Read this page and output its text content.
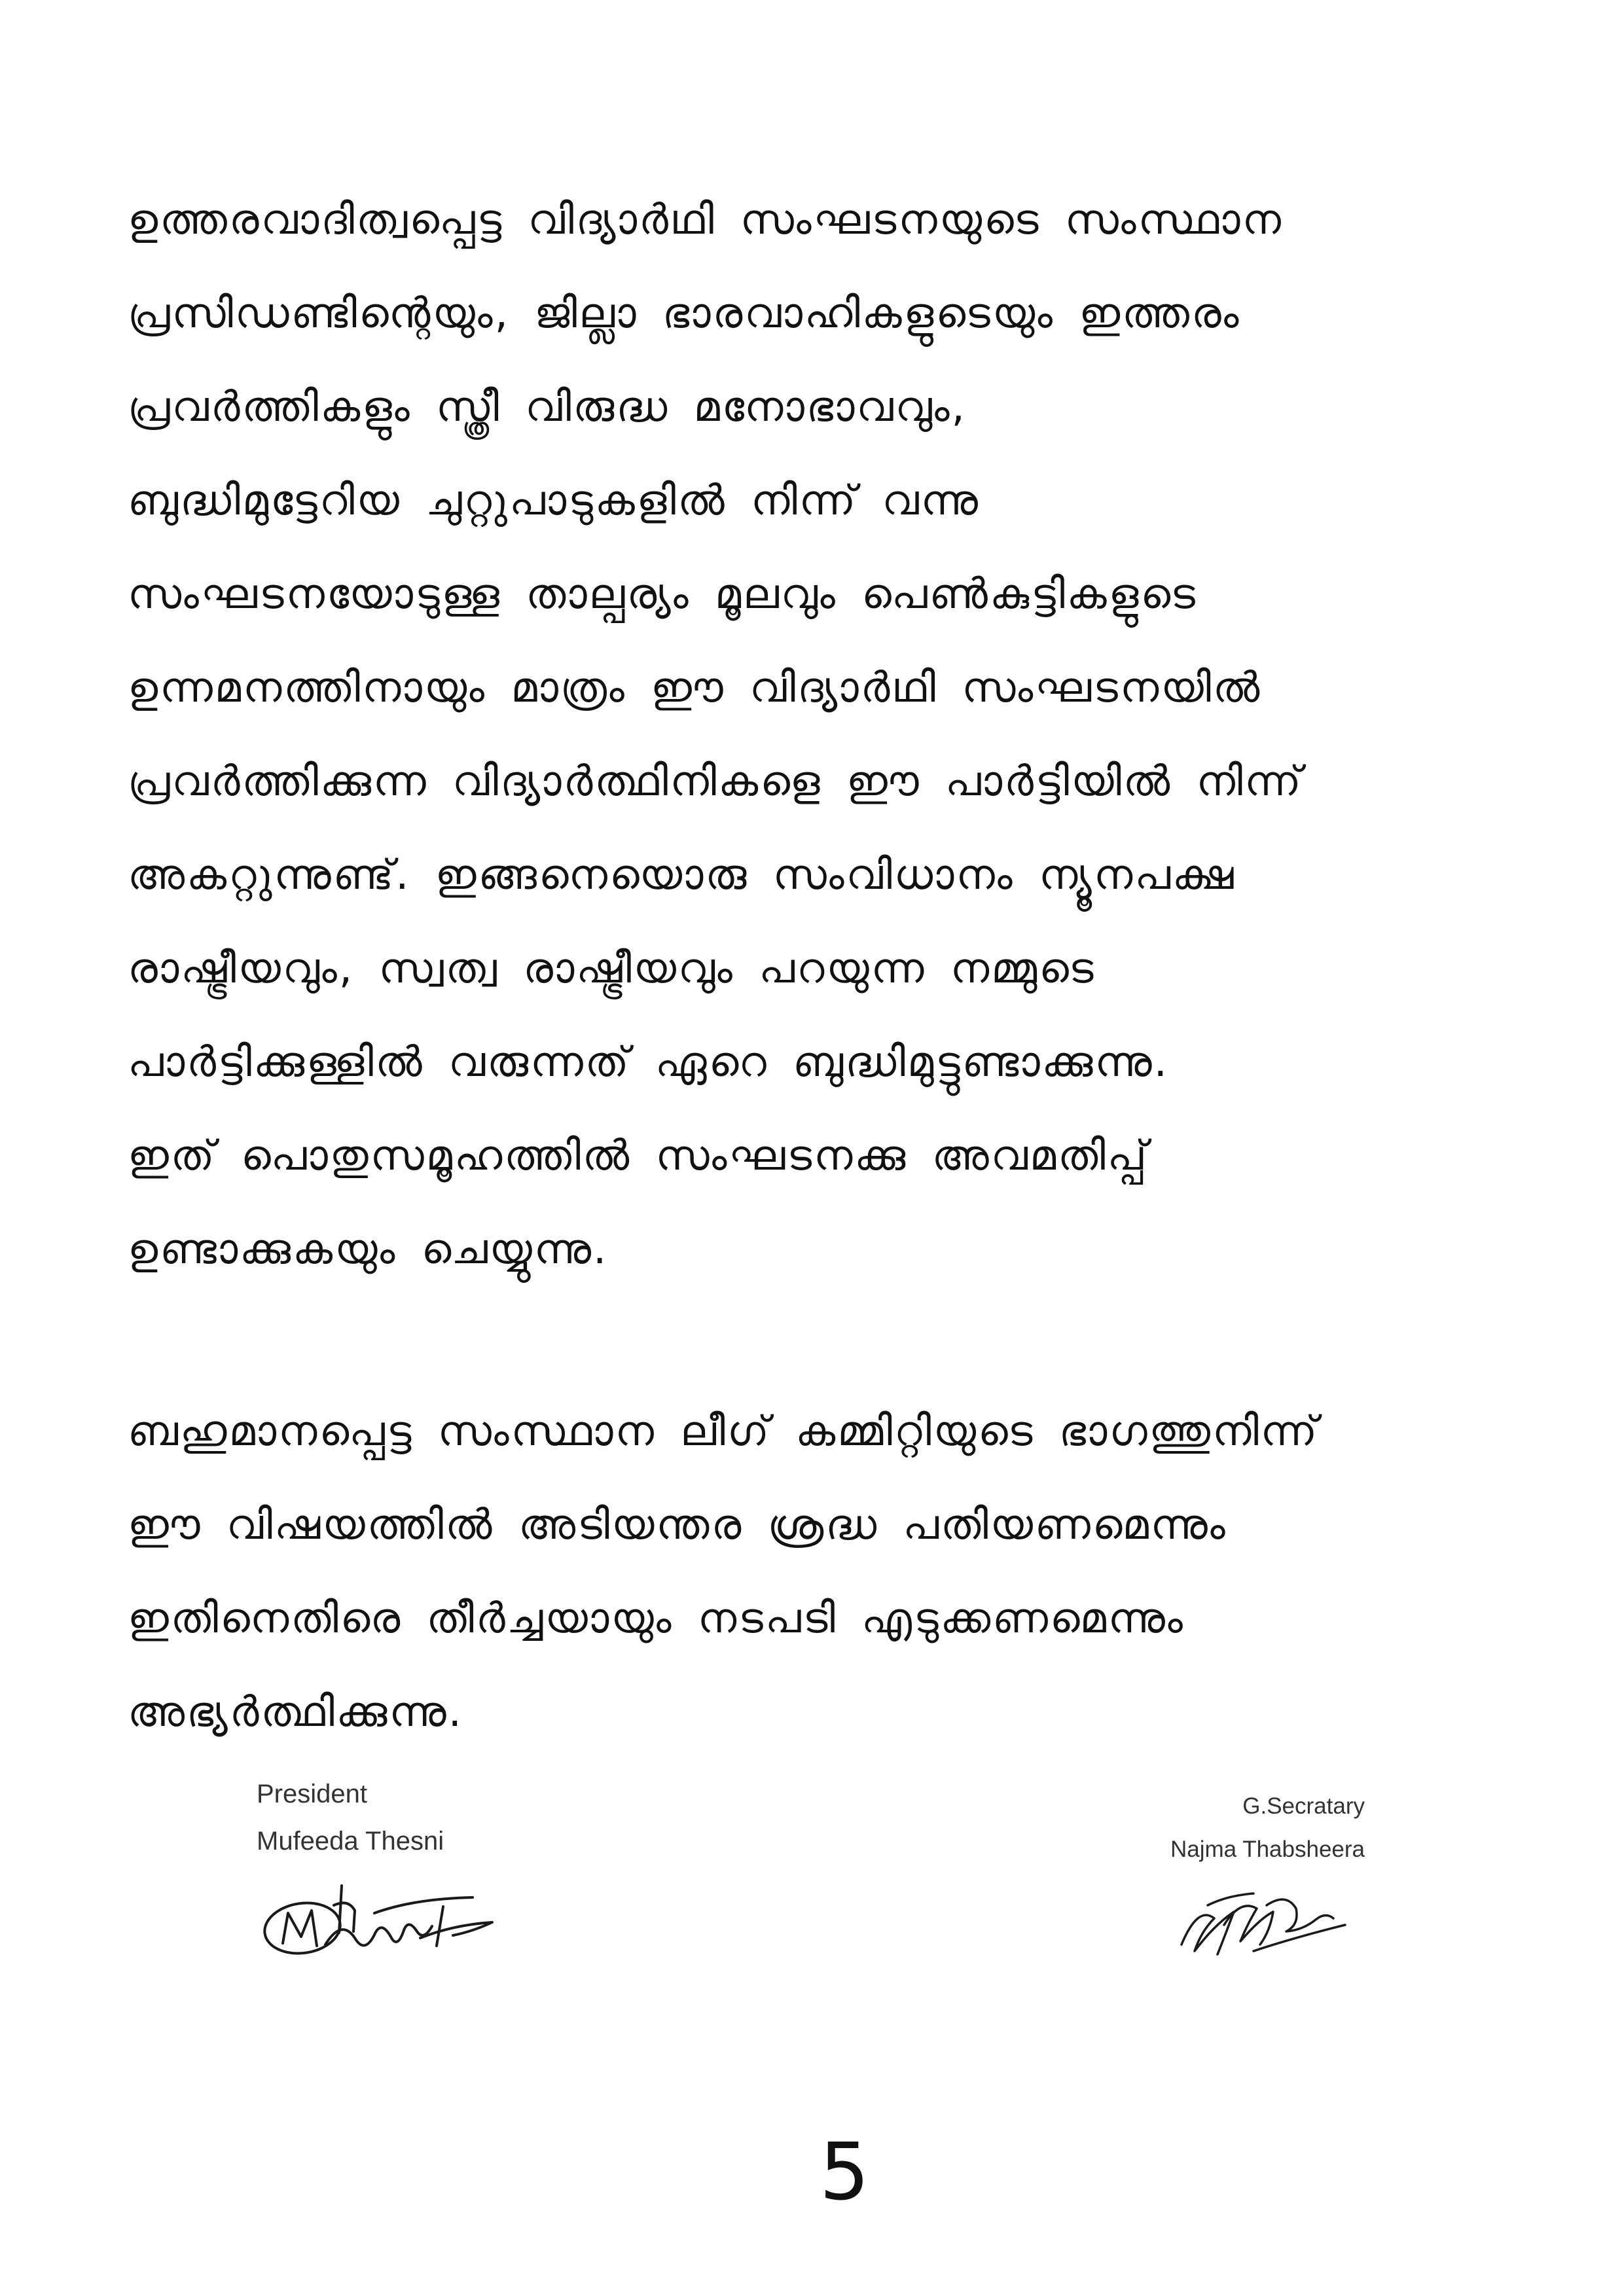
ഉത്തരവാദിത്വപ്പെട്ട വിദ്യാർഥി സംഘടനയുടെ സംസ്ഥാന
പ്രസിഡണ്ടിന്റെയും, ജില്ലാ ഭാരവാഹികളുടെയും ഇത്തരം
പ്രവർത്തികളും സ്ത്രീ വിരുദ്ധ മനോഭാവവും,
ബുദ്ധിമുട്ടേറിയ ചുറ്റുപാടുകളിൽ നിന്ന് വന്നു
സംഘടനയോടുള്ള താല്പര്യം മൂലവും പെൺകുട്ടികളുടെ
ഉന്നമനത്തിനായും മാത്രം ഈ വിദ്യാർഥി സംഘടനയിൽ
പ്രവർത്തിക്കുന്ന വിദ്യാർത്ഥിനികളെ ഈ പാർട്ടിയിൽ നിന്ന്
അകറ്റുന്നുണ്ട്. ഇങ്ങനെയൊരു സംവിധാനം ന്യൂനപക്ഷ
രാഷ്ട്രീയവും, സ്വത്വ രാഷ്ട്രീയവും പറയുന്ന നമ്മുടെ
പാർട്ടിക്കുള്ളിൽ വരുന്നത് ഏറെ ബുദ്ധിമുട്ടുണ്ടാക്കുന്നു.
ഇത് പൊതുസമൂഹത്തിൽ സംഘടനക്കു അവമതിപ്പ്
ഉണ്ടാക്കുകയും ചെയ്യുന്നു.

ബഹുമാനപ്പെട്ട സംസ്ഥാന ലീഗ് കമ്മിറ്റിയുടെ ഭാഗത്തുനിന്ന്
ഈ വിഷയത്തിൽ അടിയന്തര ശ്രദ്ധ പതിയണമെന്നും
ഇതിനെതിരെ തീർച്ചയായും നടപടി എടുക്കണമെന്നും
അഭ്യർത്ഥിക്കുന്നു.

President
Mufeeda Thesni
G.Secratary
Najma Thabsheera
5
